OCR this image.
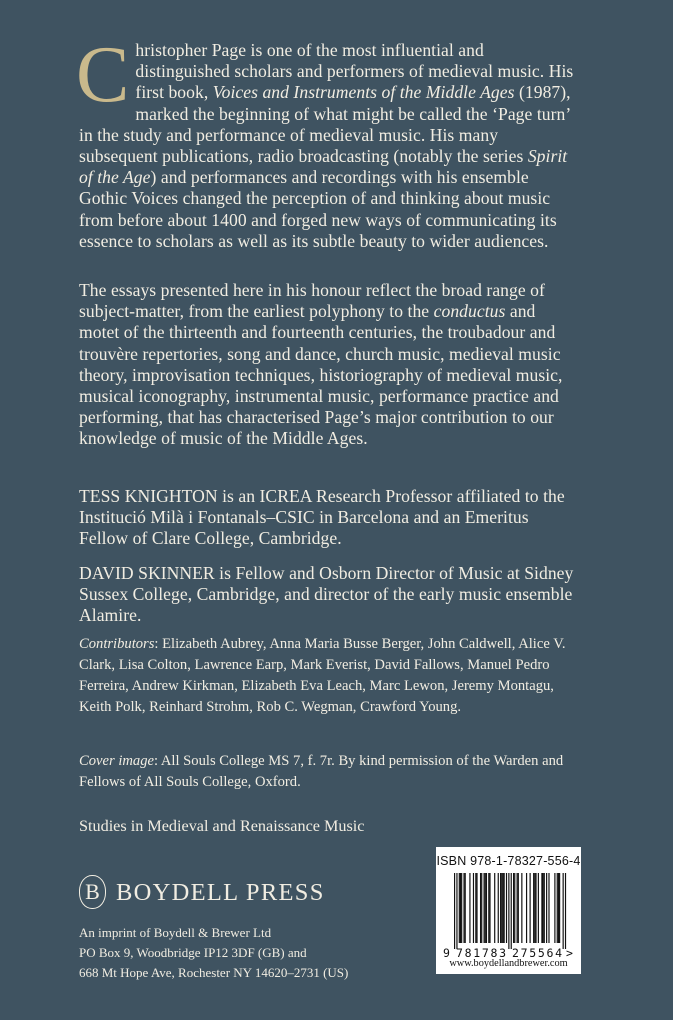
Christopher Page is one of the most influential and distinguished scholars and performers of medieval music. His first book, Voices and Instruments of the Middle Ages (1987), marked the beginning of what might be called the ‘Page turn’ in the study and performance of medieval music. His many subsequent publications, radio broadcasting (notably the series Spirit of the Age) and performances and recordings with his ensemble Gothic Voices changed the perception of and thinking about music from before about 1400 and forged new ways of communicating its essence to scholars as well as its subtle beauty to wider audiences.
The essays presented here in his honour reflect the broad range of subject-matter, from the earliest polyphony to the conductus and motet of the thirteenth and fourteenth centuries, the troubadour and trouvère repertories, song and dance, church music, medieval music theory, improvisation techniques, historiography of medieval music, musical iconography, instrumental music, performance practice and performing, that has characterised Page’s major contribution to our knowledge of music of the Middle Ages.
TESS KNIGHTON is an ICREA Research Professor affiliated to the Institució Milà i Fontanals–CSIC in Barcelona and an Emeritus Fellow of Clare College, Cambridge.
DAVID SKINNER is Fellow and Osborn Director of Music at Sidney Sussex College, Cambridge, and director of the early music ensemble Alamire.
Contributors: Elizabeth Aubrey, Anna Maria Busse Berger, John Caldwell, Alice V. Clark, Lisa Colton, Lawrence Earp, Mark Everist, David Fallows, Manuel Pedro Ferreira, Andrew Kirkman, Elizabeth Eva Leach, Marc Lewon, Jeremy Montagu, Keith Polk, Reinhard Strohm, Rob C. Wegman, Crawford Young.
Cover image: All Souls College MS 7, f. 7r. By kind permission of the Warden and Fellows of All Souls College, Oxford.
Studies in Medieval and Renaissance Music
B BOYDELL PRESS
An imprint of Boydell & Brewer Ltd
PO Box 9, Woodbridge IP12 3DF (GB) and
668 Mt Hope Ave, Rochester NY 14620–2731 (US)
ISBN 978-1-78327-556-4
9 781783 275564 >
www.boydellandbrewer.com
